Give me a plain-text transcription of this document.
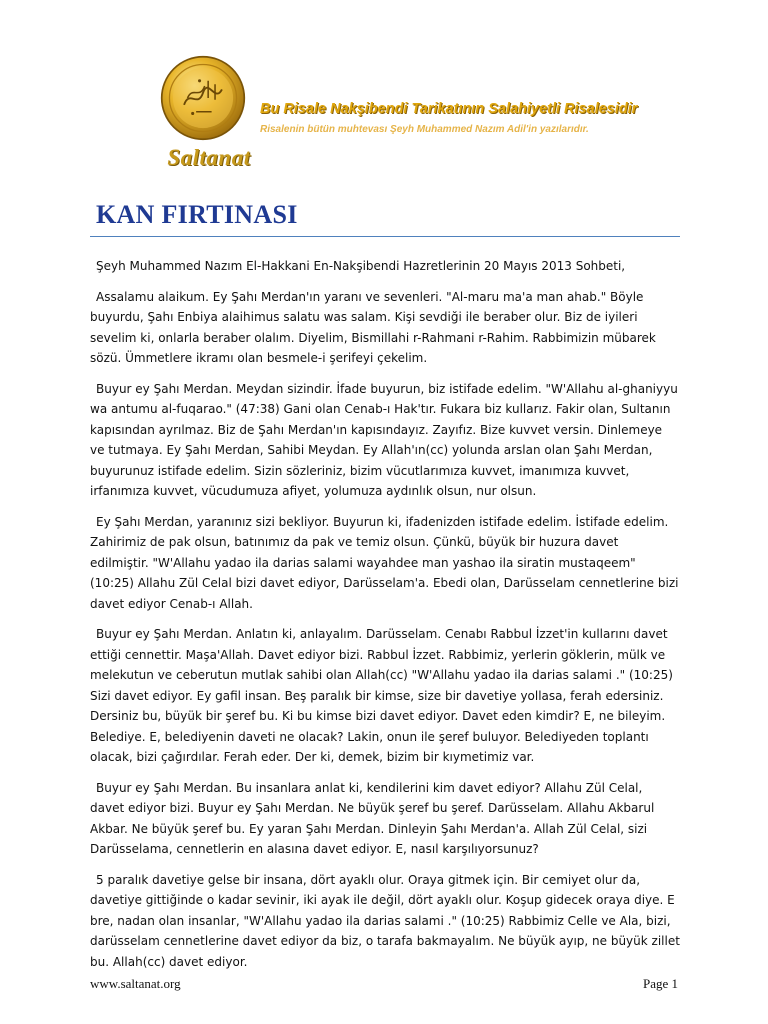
Saltanat
Bu Risale Nakşibendi Tarikatının Salahiyetli Risalesidir
Risalenin bütün muhtevası Şeyh Muhammed Nazım Adil'in yazılarıdır.
KAN FIRTINASI

Şeyh Muhammed Nazım El-Hakkani En-Nakşibendi Hazretlerinin 20 Mayıs 2013 Sohbeti,

Assalamu alaikum. Ey Şahı Merdan'ın yaranı ve sevenleri. "Al-maru ma'a man ahab." Böyle buyurdu, Şahı Enbiya alaihimus salatu was salam. Kişi sevdiği ile beraber olur. Biz de iyileri sevelim ki, onlarla beraber olalım. Diyelim, Bismillahi r-Rahmani r-Rahim. Rabbimizin mübarek sözü. Ümmetlere ikramı olan besmele-i şerifeyi çekelim.

Buyur ey Şahı Merdan. Meydan sizindir. İfade buyurun, biz istifade edelim. "W'Allahu al-ghaniyyu wa antumu al-fuqarao." (47:38) Gani olan Cenab-ı Hak'tır. Fukara biz kullarız. Fakir olan, Sultanın kapısından ayrılmaz. Biz de Şahı Merdan'ın kapısındayız. Zayıfız. Bize kuvvet versin. Dinlemeye ve tutmaya. Ey Şahı Merdan, Sahibi Meydan. Ey Allah'ın(cc) yolunda arslan olan Şahı Merdan, buyurunuz istifade edelim. Sizin sözleriniz, bizim vücutlarımıza kuvvet, imanımıza kuvvet, irfanımıza kuvvet, vücudumuza afiyet, yolumuza aydınlık olsun, nur olsun.

Ey Şahı Merdan, yaranınız sizi bekliyor. Buyurun ki, ifadenizden istifade edelim. İstifade edelim. Zahirimiz de pak olsun, batınımız da pak ve temiz olsun. Çünkü, büyük bir huzura davet edilmiştir. "W'Allahu yadao ila darias salami wayahdee man yashao ila siratin mustaqeem" (10:25) Allahu Zül Celal bizi davet ediyor, Darüsselam'a. Ebedi olan, Darüsselam cennetlerine bizi davet ediyor Cenab-ı Allah.

Buyur ey Şahı Merdan. Anlatın ki, anlayalım. Darüsselam. Cenabı Rabbul İzzet'in kullarını davet ettiği cennettir. Maşa'Allah. Davet ediyor bizi. Rabbul İzzet. Rabbimiz, yerlerin göklerin, mülk ve melekutun ve ceberutun mutlak sahibi olan Allah(cc) "W'Allahu yadao ila darias salami ." (10:25) Sizi davet ediyor. Ey gafil insan. Beş paralık bir kimse, size bir davetiye yollasa, ferah edersiniz. Dersiniz bu, büyük bir şeref bu. Ki bu kimse bizi davet ediyor. Davet eden kimdir? E, ne bileyim. Belediye. E, belediyenin daveti ne olacak? Lakin, onun ile şeref buluyor. Belediyeden toplantı olacak, bizi çağırdılar. Ferah eder. Der ki, demek, bizim bir kıymetimiz var.

Buyur ey Şahı Merdan. Bu insanlara anlat ki, kendilerini kim davet ediyor? Allahu Zül Celal, davet ediyor bizi. Buyur ey Şahı Merdan. Ne büyük şeref bu şeref. Darüsselam. Allahu Akbarul Akbar. Ne büyük şeref bu. Ey yaran Şahı Merdan. Dinleyin Şahı Merdan'a. Allah Zül Celal, sizi Darüsselama, cennetlerin en alasına davet ediyor. E, nasıl karşılıyorsunuz?

5 paralık davetiye gelse bir insana, dört ayaklı olur. Oraya gitmek için. Bir cemiyet olur da, davetiye gittiğinde o kadar sevinir, iki ayak ile değil, dört ayaklı olur. Koşup gidecek oraya diye. E bre, nadan olan insanlar, "W'Allahu yadao ila darias salami ." (10:25) Rabbimiz Celle ve Ala, bizi, darüsselam cennetlerine davet ediyor da biz, o tarafa bakmayalım. Ne büyük ayıp, ne büyük zillet bu. Allah(cc) davet ediyor.

www.saltanat.org	Page 1
